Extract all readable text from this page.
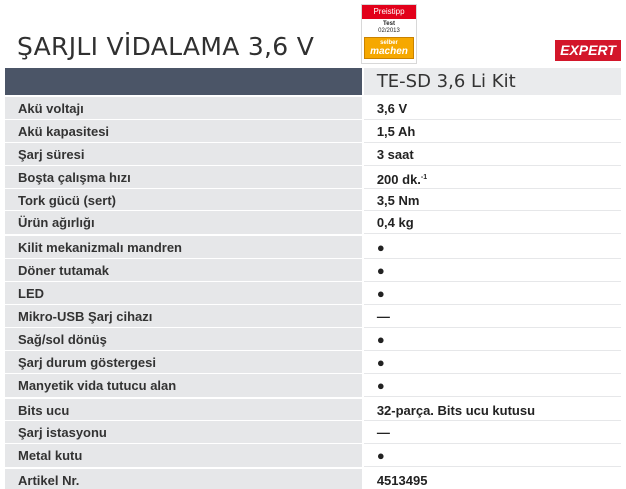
ŞARJLI VİDALAMA 3,6 V
Preistipp
Test
02/2013
selber
machen	EXPERT
TE-SD 3,6 Li Kit
Akü voltajı	3,6 V
Akü kapasitesi	1,5 Ah
Şarj süresi	3 saat
Boşta çalışma hızı	200 dk.$^{-1}$
Tork gücü (sert)	3,5 Nm
Ürün ağırlığı	0,4 kg
Kilit mekanizmalı mandren	●
Döner tutamak	●
LED	●
Mikro-USB Şarj cihazı	—
Sağ/sol dönüş	●
Şarj durum göstergesi	●
Manyetik vida tutucu alan	●
Bits ucu	32-parça. Bits ucu kutusu
Şarj istasyonu	—
Metal kutu	●
Artikel Nr.	4513495
